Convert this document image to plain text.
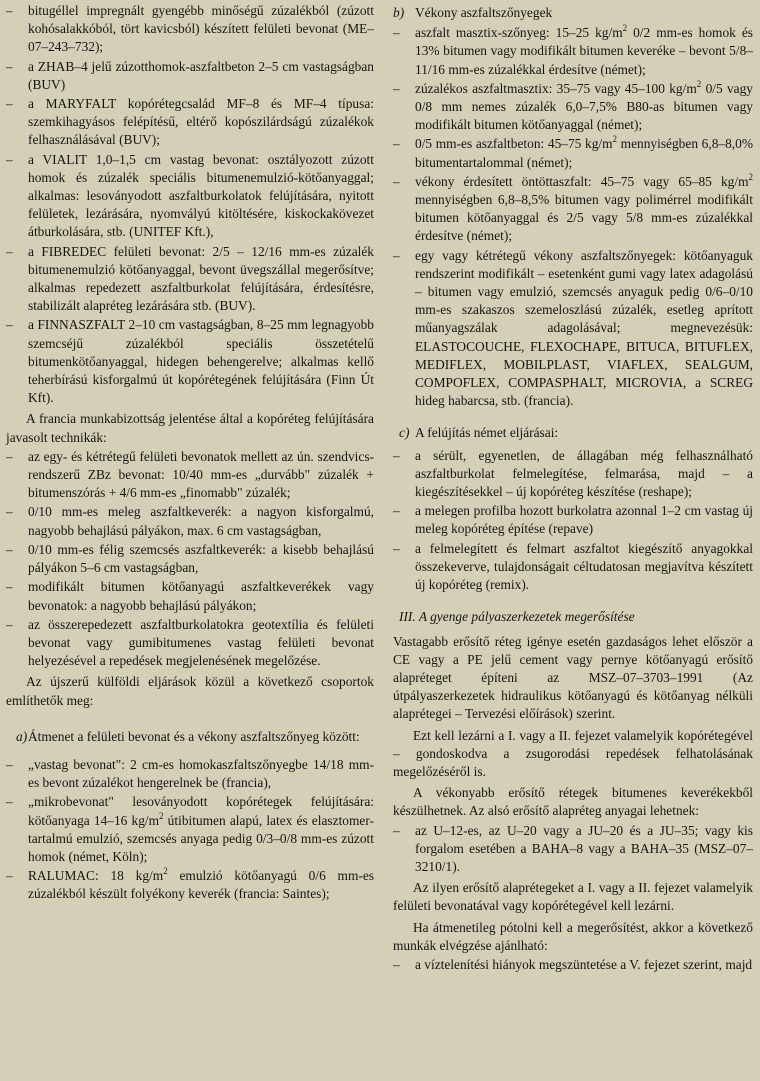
– bitugéllel impregnált gyengébb minőségű zúzalékból (zúzott kohósalakkóból, tört kavicsból) készített felületi bevonat (ME–07–243–732);
– a ZHAB–4 jelű zúzotthomok-aszfaltbeton 2–5 cm vastagságban (BUV)
– a MARYFALT kopórétegcsalád MF–8 és MF–4 típusa: szemkihagyásos felépítésű, eltérő kopószilárdságú zúzalékok felhasználásával (BUV);
– a VIALIT 1,0–1,5 cm vastag bevonat: osztályozott zúzott homok és zúzalék speciális bitumenemulzió-kötőanyaggal; alkalmas: lesoványodott aszfaltburkolatok felújítására, nyitott felületek, lezárására, nyomvályú kitöltésére, kiskockakövezet átburkolására, stb. (UNITEF Kft.),
– a FIBREDEC felületi bevonat: 2/5 – 12/16 mm-es zúzalék bitumenemulzió kötőanyaggal, bevont üvegszállal megerősítve; alkalmas repedezett aszfaltburkolat felújítására, érdesítésre, stabilizált alapréteg lezárására stb. (BUV).
– a FINNASZFALT 2–10 cm vastagságban, 8–25 mm legnagyobb szemcséjű zúzalékból speciális összetételű bitumenkötőanyaggal, hidegen behengerelve; alkalmas kellő teherbírású kisforgalmú út kopórétegének felújítására (Finn Út Kft).

A francia munkabizottság jelentése által a kopóréteg felújítására javasolt technikák:

– az egy- és kétrétegű felületi bevonatok mellett az ún. szendvics-rendszerű ZBz bevonat: 10/40 mm-es „durvább" zúzalék + bitumenszórás + 4/6 mm-es „finomabb" zúzalék;
– 0/10 mm-es meleg aszfaltkeverék: a nagyon kisforgalmú, nagyobb behajlású pályákon, max. 6 cm vastagságban,
– 0/10 mm-es félig szemcsés aszfaltkeverék: a kisebb behajlású pályákon 5–6 cm vastagságban,
– modifikált bitumen kötőanyagú aszfaltkeverékek vagy bevonatok: a nagyobb behajlású pályákon;
– az összerepedezett aszfaltburkolatokra geotextília és felületi bevonat vagy gumibitumenes vastag felületi bevonat helyezésével a repedések megjelenésének megelőzése.

Az újszerű külföldi eljárások közül a következő csoportok említhetők meg:

a) Átmenet a felületi bevonat és a vékony aszfaltszőnyeg között:
– „vastag bevonat": 2 cm-es homokaszfaltszőnyegbe 14/18 mm-es bevont zúzalékot hengerelnek be (francia),
– „mikrobevonat" lesoványodott kopórétegek felújítására: kötőanyaga 14–16 $kg/m^2$ útibitumen alapú, latex és elasztomer-tartalmú emulzió, szemcsés anyaga pedig 0/3–0/8 mm-es zúzott homok (német, Köln);
– RALUMAC: 18 $kg/m^2$ emulzió kötőanyagú 0/6 mm-es zúzalékból készült folyékony keverék (francia: Saintes);
b) Vékony aszfaltszőnyegek
– aszfalt masztix-szőnyeg: 15–25 $kg/m^2$ 0/2 mm-es homok és 13% bitumen vagy modifikált bitumen keveréke – bevont 5/8–11/16 mm-es zúzalékkal érdesítve (német);
– zúzalékos aszfaltmasztix: 35–75 vagy 45–100 $kg/m^2$ 0/5 vagy 0/8 mm nemes zúzalék 6,0–7,5% B80-as bitumen vagy modifikált bitumen kötőanyaggal (német);
– 0/5 mm-es aszfaltbeton: 45–75 $kg/m^2$ mennyiségben 6,8–8,0% bitumentartalommal (német);
– vékony érdesített öntöttaszfalt: 45–75 vagy 65–85 $kg/m^2$ mennyiségben 6,8–8,5% bitumen vagy polimérrel modifikált bitumen kötőanyaggal és 2/5 vagy 5/8 mm-es zúzalékkal érdesítve (német);
– egy vagy kétrétegű vékony aszfaltszőnyegek: kötőanyaguk rendszerint modifikált – esetenként gumi vagy latex adagolású – bitumen vagy emulzió, szemcsés anyaguk pedig 0/6–0/10 mm-es szakaszos szemeloszlású zúzalék, esetleg aprított műanyagszálak adagolásával; megnevezésük: ELASTOCOUCHE, FLEXOCHAPE, BITUCA, BITUFLEX, MEDIFLEX, MOBILPLAST, VIAFLEX, SEALGUM, COMPOFLEX, COMPASPHALT, MICROVIA, a SCREG hideg habarcsa, stb. (francia).
c) A felújítás német eljárásai:
– a sérült, egyenetlen, de állagában még felhasználható aszfaltburkolat felmelegítése, felmarása, majd – a kiegészítésekkel – új kopóréteg készítése (reshape);
– a melegen profilba hozott burkolatra azonnal 1–2 cm vastag új meleg kopóréteg építése (repave)
– a felmelegített és felmart aszfaltot kiegészítő anyagokkal összekeverve, tulajdonságait céltudatosan megjavítva készített új kopóréteg (remix).

III. A gyenge pályaszerkezetek megerősítése

Vastagabb erősítő réteg igénye esetén gazdaságos lehet először a CE vagy a PE jelű cement vagy pernye kötőanyagú erősítő alapréteget építeni az MSZ–07–3703–1991 (Az útpályaszerkezetek hidraulikus kötőanyagú és kötőanyag nélküli alaprétegei – Tervezési előírások) szerint.

Ezt kell lezárni a I. vagy a II. fejezet valamelyik kopórétegével – gondoskodva a zsugorodási repedések felhatolásának megelőzéséről is.

A vékonyabb erősítő rétegek bitumenes keverékekből készülhetnek. Az alsó erősítő alapréteg anyagai lehetnek:

– az U–12-es, az U–20 vagy a JU–20 és a JU–35; vagy kis forgalom esetében a BAHA–8 vagy a BAHA–35 (MSZ–07–3210/1).

Az ilyen erősítő alaprétegeket a I. vagy a II. fejezet valamelyik felületi bevonatával vagy kopórétegével kell lezárni.

Ha átmenetileg pótolni kell a megerősítést, akkor a következő munkák elvégzése ajánlható:

– a víztelenítési hiányok megszüntetése a V. fejezet szerint, majd
